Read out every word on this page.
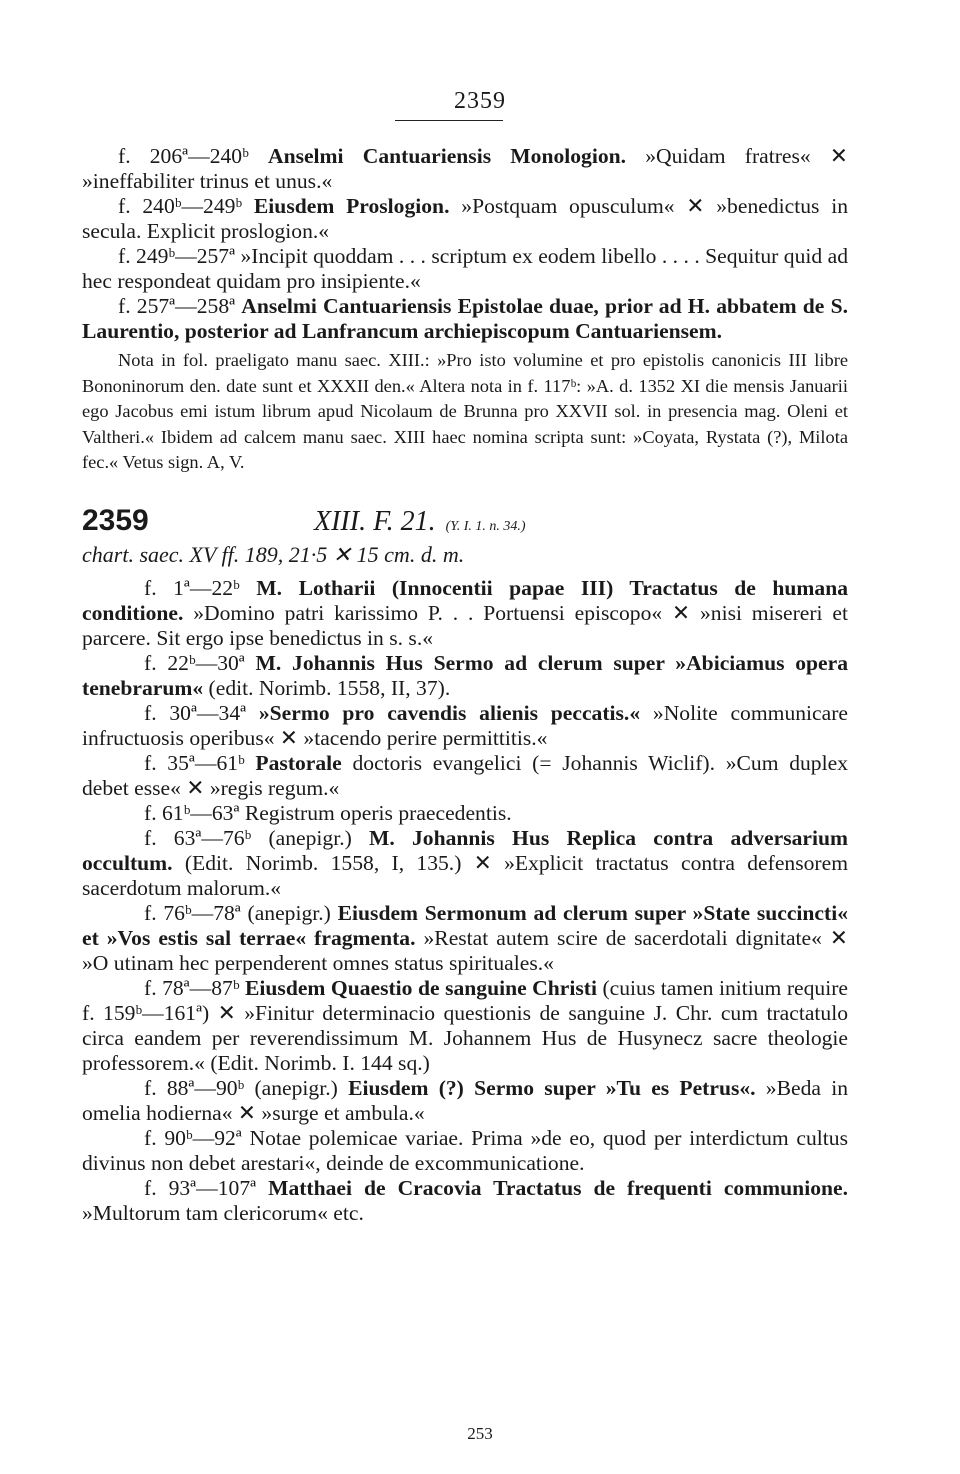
2359

f. 206ª—240ᵇ Anselmi Cantuariensis Monologion. »Quidam fratres« ✕ »ineffabiliter trinus et unus.«

f. 240ᵇ—249ᵇ Eiusdem Proslogion. »Postquam opusculum« ✕ »benedictus in secula. Explicit proslogion.«

f. 249ᵇ—257ª »Incipit quoddam . . . scriptum ex eodem libello . . . . Sequitur quid ad hec respondeat quidam pro insipiente.«

f. 257ª—258ª Anselmi Cantuariensis Epistolae duae, prior ad H. abbatem de S. Laurentio, posterior ad Lanfrancum archiepiscopum Cantuariensem.

Nota in fol. praeligato manu saec. XIII.: »Pro isto volumine et pro epistolis canonicis III libre Bononinorum den. date sunt et XXXII den.« Altera nota in f. 117ᵇ: »A. d. 1352 XI die mensis Januarii ego Jacobus emi istum librum apud Nicolaum de Brunna pro XXVII sol. in presencia mag. Oleni et Valtheri.« Ibidem ad calcem manu saec. XIII haec nomina scripta sunt: »Coyata, Rystata (?), Milota fec.« Vetus sign. A, V.

2359	XIII. F. 21. (Y. I. 1. n. 34.)
chart. saec. XV ff. 189, 21·5 ✕ 15 cm. d. m.

f. 1ª—22ᵇ M. Lotharii (Innocentii papae III) Tractatus de humana conditione. »Domino patri karissimo P. . . Portuensi episcopo« ✕ »nisi misereri et parcere. Sit ergo ipse benedictus in s. s.«

f. 22ᵇ—30ª M. Johannis Hus Sermo ad clerum super »Abiciamus opera tenebrarum« (edit. Norimb. 1558, II, 37).

f. 30ª—34ª »Sermo pro cavendis alienis peccatis.« »Nolite communicare infructuosis operibus« ✕ »tacendo perire permittitis.«

f. 35ª—61ᵇ Pastorale doctoris evangelici (= Johannis Wiclif). »Cum duplex debet esse« ✕ »regis regum.«

f. 61ᵇ—63ª Registrum operis praecedentis.

f. 63ª—76ᵇ (anepigr.) M. Johannis Hus Replica contra adversarium occultum. (Edit. Norimb. 1558, I, 135.) ✕ »Explicit tractatus contra defensorem sacerdotum malorum.«

f. 76ᵇ—78ª (anepigr.) Eiusdem Sermonum ad clerum super »State succincti« et »Vos estis sal terrae« fragmenta. »Restat autem scire de sacerdotali dignitate« ✕ »O utinam hec perpenderent omnes status spirituales.«

f. 78ª—87ᵇ Eiusdem Quaestio de sanguine Christi (cuius tamen initium require f. 159ᵇ—161ª) ✕ »Finitur determinacio questionis de sanguine J. Chr. cum tractatulo circa eandem per reverendissimum M. Johannem Hus de Husynecz sacre theologie professorem.« (Edit. Norimb. I. 144 sq.)

f. 88ª—90ᵇ (anepigr.) Eiusdem (?) Sermo super »Tu es Petrus«. »Beda in omelia hodierna« ✕ »surge et ambula.«

f. 90ᵇ—92ª Notae polemicae variae. Prima »de eo, quod per interdictum cultus divinus non debet arestari«, deinde de excommunicatione.

f. 93ª—107ª Matthaei de Cracovia Tractatus de frequenti communione. »Multorum tam clericorum« etc.

253
